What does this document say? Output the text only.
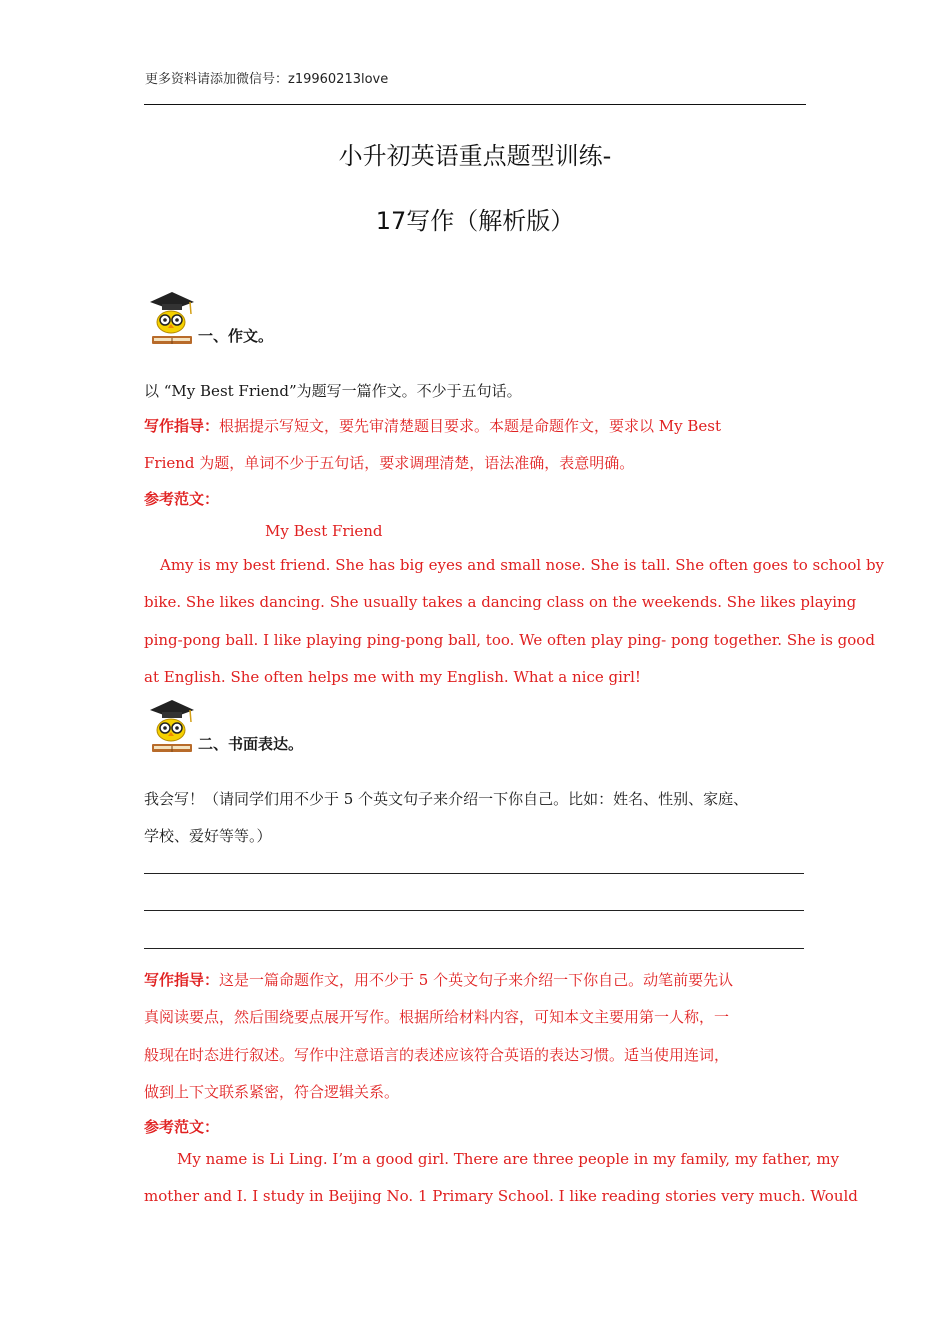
更多资料请添加微信号：z19960213love
小升初英语重点题型训练-
17写作（解析版）
一、作文。
以 “My Best Friend”为题写一篇作文。不少于五句话。
写作指导：根据提示写短文，要先审清楚题目要求。本题是命题作文，要求以 My Best
Friend 为题，单词不少于五句话，要求调理清楚，语法准确，表意明确。
参考范文：
My Best Friend
Amy is my best friend. She has big eyes and small nose. She is tall. She often goes to school by
bike. She likes dancing. She usually takes a dancing class on the weekends. She likes playing
ping-pong ball. I like playing ping-pong ball, too. We often play ping- pong together. She is good
at English. She often helps me with my English. What a nice girl!
二、书面表达。
我会写！（请同学们用不少于 5 个英文句子来介绍一下你自己。比如：姓名、性别、家庭、
学校、爱好等等。）
写作指导：这是一篇命题作文，用不少于 5 个英文句子来介绍一下你自己。动笔前要先认
真阅读要点，然后围绕要点展开写作。根据所给材料内容，可知本文主要用第一人称，一
般现在时态进行叙述。写作中注意语言的表述应该符合英语的表达习惯。适当使用连词，
做到上下文联系紧密，符合逻辑关系。
参考范文：
My name is Li Ling. I’m a good girl. There are three people in my family, my father, my
mother and I. I study in Beijing No. 1 Primary School. I like reading stories very much. Would
